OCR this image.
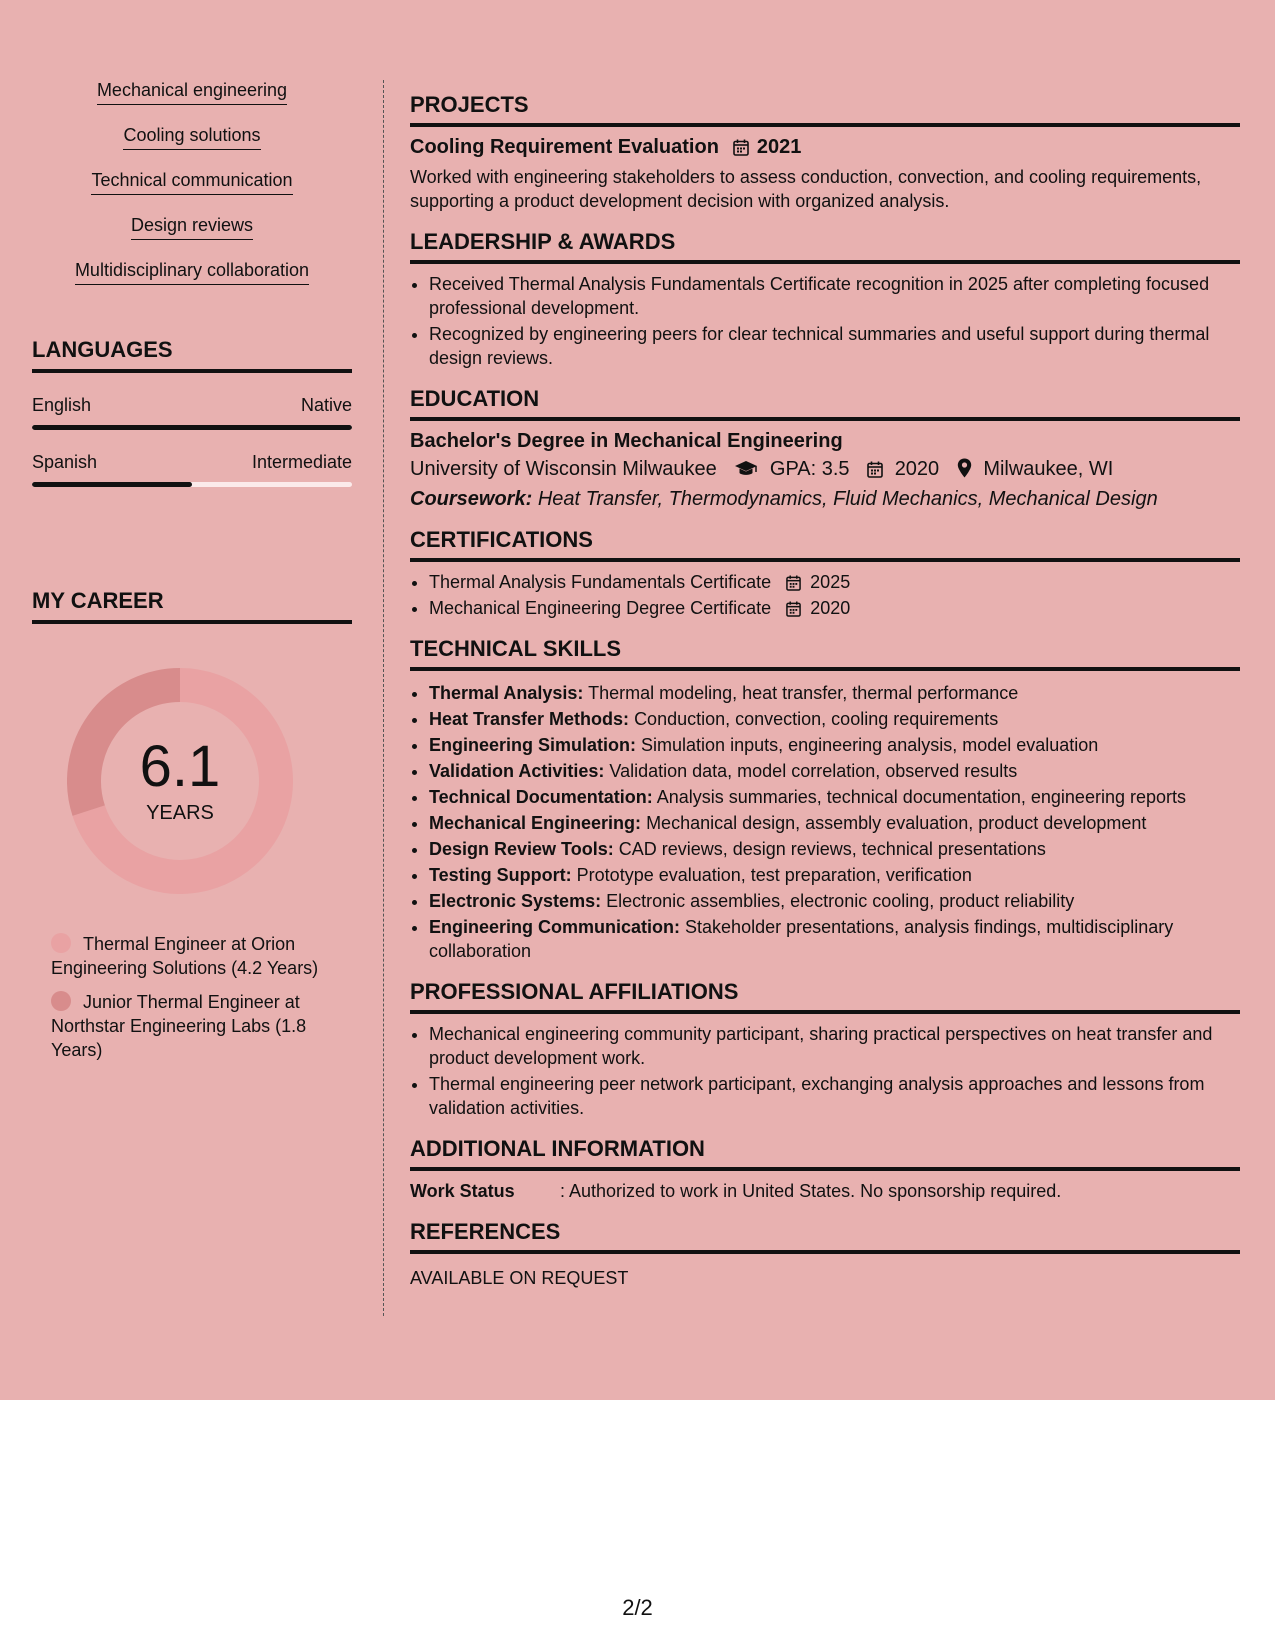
Mechanical engineering
Cooling solutions
Technical communication
Design reviews
Multidisciplinary collaboration
LANGUAGES
English	Native
Spanish	Intermediate
MY CAREER
6.1
YEARS
Thermal Engineer at Orion Engineering Solutions (4.2 Years)
Junior Thermal Engineer at Northstar Engineering Labs (1.8 Years)
PROJECTS
Cooling Requirement Evaluation 2021
Worked with engineering stakeholders to assess conduction, convection, and cooling requirements, supporting a product development decision with organized analysis.
LEADERSHIP & AWARDS
• Received Thermal Analysis Fundamentals Certificate recognition in 2025 after completing focused professional development.
• Recognized by engineering peers for clear technical summaries and useful support during thermal design reviews.
EDUCATION
Bachelor's Degree in Mechanical Engineering
University of Wisconsin Milwaukee	GPA: 3.5 2020 Milwaukee, WI
Coursework: Heat Transfer, Thermodynamics, Fluid Mechanics, Mechanical Design
CERTIFICATIONS
• Thermal Analysis Fundamentals Certificate 2025
• Mechanical Engineering Degree Certificate 2020
TECHNICAL SKILLS
• Thermal Analysis: Thermal modeling, heat transfer, thermal performance
• Heat Transfer Methods: Conduction, convection, cooling requirements
• Engineering Simulation: Simulation inputs, engineering analysis, model evaluation
• Validation Activities: Validation data, model correlation, observed results
• Technical Documentation: Analysis summaries, technical documentation, engineering reports
• Mechanical Engineering: Mechanical design, assembly evaluation, product development
• Design Review Tools: CAD reviews, design reviews, technical presentations
• Testing Support: Prototype evaluation, test preparation, verification
• Electronic Systems: Electronic assemblies, electronic cooling, product reliability
• Engineering Communication: Stakeholder presentations, analysis findings, multidisciplinary collaboration
PROFESSIONAL AFFILIATIONS
• Mechanical engineering community participant, sharing practical perspectives on heat transfer and product development work.
• Thermal engineering peer network participant, exchanging analysis approaches and lessons from validation activities.
ADDITIONAL INFORMATION
Work Status	: Authorized to work in United States. No sponsorship required.
REFERENCES
AVAILABLE ON REQUEST
2/2
